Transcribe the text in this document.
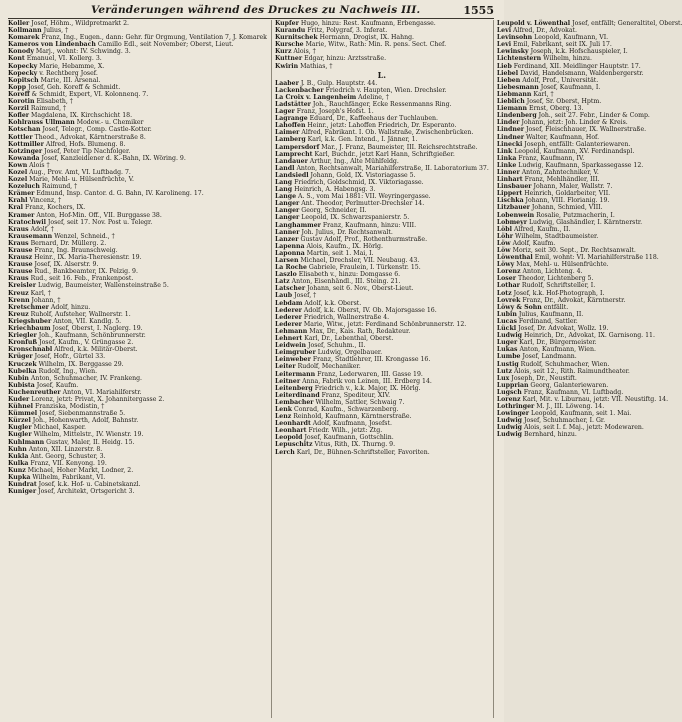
Veränderungen während des Druckes zu Nachweis III.	1555
Koller Josef, Höhm., Wildpretmarkt 2.
Kollmann Julius, †
Komarek Franz, Ing., Eugen., dann: Gehr. für Orgmung, Ventilation 7, J. Komarek
Kameros von Lindenbach Camillo Edl., seit November; Oberst, Lieut.
Konody Marj., wohnt: IV. Schwindg. 3.
Kont Emanuel, VI. Kollerg. 3.
Kopecky Marie, Hebamme, X.
Kopecky v. Rechtberg Josef.
Kopitsch Marie, III. Arsenal.
Kopp Josef, Geh. Koreff & Schmidt.
Koreff & Schmidt, Expert, VI. Kolonnenq. 7.
Korotin Elisabeth, †
Korzil Raimund, †
Kofler Magdalena, IX. Kirchschicht 18.
Kohlrauss Ullmann Modew.- u. Chemiker
Kotschan Josef, Telegr., Comp. Castle-Kotter.
Kottler Theod., Advokat, Kärntnerstraße 8.
Kottmiller Alfred, Hofs. Blumeng. 8.
Kotzinger Josef, Peter Tip Nachfolger.
Kowanda Josef, Kanzleidiener d. K.-Bahn, IX. Wöring. 9.
Kown Alois †
Kozel Aug., Prov. Amt, VI. Luftbadg. 7.
Kozel Marie, Mehl- u. Hülsenfrüchte, V.
Kozeluch Raimund, †
Krämer Edmund, Insp. Cantor. d. G. Bahn, IV. Karolineng. 17.
Krahl Vincenz, †
Kral Franz, Kochers, IX.
Kramer Anton, Hof-Min. Off., VII. Burggasse 38.
Kratochwil Josef, seit 17. Nov. Post u. Telegr.
Kraus Adolf, †
Krausemann Wenzel, Schneid., †
Kraus Bernard, Dr. Müllerg. 2.
Krause Franz, Ing. Braunschweig.
Krausz Heinr., IX. Maria-Theresienstr. 19.
Krause Josef, IX. Alserstr. 9.
Krause Rud., Bankbeamter, IX. Pelzig. 9.
Kraus Rud., seit 16. Feb., Frankenpost.
Kreisler Ludwig, Baumeister, Wallensteinstraße 5.
Kreuz Karl, †
Krenn Johann, †
Kretschmer Adolf, hinzu.
Kreuz Ruholf, Aufsteher, Wallnerstr. 1.
Kriegshuber Anton, VII. Kandlg. 5.
Kriechbaum Josef, Oberst, I. Naglerg. 19.
Kriegler Joh., Kaufmann, Schönbrunnerstr.
Kronfuß Josef, Kaufm., V. Grüngasse 2.
Kronschnabl Alfred, k.k. Militär-Oberst.
Krüger Josef, Hofr., Gürtel 33.
Kruczek Wilhelm, IX. Berggasse 29.
Kubelka Rudolf, Ing., Wien.
Kubin Anton, Schuhmacher, IV. Frankeng.
Kubista Josef, Kaufm.
Kuchenreuther Anton, VI. Mariahilferstr.
Kuder Lorenz, jetzt: Privat, X. Johannitergasse 2.
Kühnel Franziska, Modistin, †
Kümmel Josef, Siebenmannstraße 5.
Kürzel Joh., Hohenwarth, Adolf, Bahnstr.
Kugler Michael, Kasper.
Kugler Wilhelm, Mittelstr., IV. Wienstr. 19.
Kuhlmann Gustav, Maler, II. Heidg. 15.
Kuhn Anton, XII. Linzerstr. 8.
Kukla Ant. Georg, Schuster, 3.
Kulka Franz, VII. Kenyong. 19.
Kunz Michael, Hoher Markt, Lodner, 2.
Kupka Wilhelm, Fabrikant, VI.
Kundrat Josef, k.k. Hof- u. Cabinetskanzl.
Kuniger Josef, Architekt, Ortsgericht 3.
Kupfer Hugo, hinzu: Rest. Kaufmann, Erbengasse.
Kurandu Fritz, Polygraf, 3. Inferat.
Kurnitschek Hermann, Drogist, IX. Hahng.
Kursche Marie, Witw., Rath: Min. R. pens. Sect. Chef.
Kurz Alois, †
Kuttner Edgar, hinzu: Arztsstraße.
Kwirin Mathias, †
L.
Laaber J. B., Gulp. Hauptstr. 44.
Lackenbacher Friedrich v. Haupten, Wien. Drechsler.
La Croix v. Langenheim Adeline, †
Ladstätter Joh., Rauchfänger, Ecke Ressenmanns Ring.
Lager Franz, Joseph's Hofst. 1.
Lagrange Eduard, Dr., Kaffeehaus der Tuchlauben.
Lahoffen Heinr., jetzt: Lahoffen Friedrich, Dr. Esperanto.
Laimer Alfred, Fabrikant. I. Ob. Wallstraße, Zwischenbrücken.
Lamberg Karl, k.k. Gen. Intend., I. Jänner, 1.
Lampersdorf Mar., J. Franz, Baumeister, III. Reichsrechtstraße.
Lamprecht Karl, Buchdr., jetzt Karl Hann, Schriftgießer.
Landauer Arthur, Ing., Alte Mühlfeldg.
Landl Anton, Rechtsanwalt, Mariahilferstraße, II. Laboratorium 37.
Landsiedl Johann, Gold, IX. Vistoriagasse 5.
Lang Friedrich, Goldschmid, IX. Viktoriagasse.
Lang Heinrich, A. Habengsg. 3.
Lange A. S., vom Mai 1881: VII. Weyringergasse.
Langer Ant. Theodor, Perlmutter-Drechsler 14.
Langer Georg, Schneider, II.
Langer Leopold, IX. Schwarzspanierstr. 5.
Langhammer Franz, Kaufmann, hinzu: VIII.
Lanner Joh. Julius, Dr. Rechtsanwalt.
Lanzer Gustav Adolf, Prof., Rothenthurmstraße.
Lapenna Alois, Kaufm., IX. Hörlg.
Laponna Martin, seit 1. Mai, I.
Larsen Michael, Drechsler, VII. Neubaug. 43.
La Roche Gabriele, Fraulein, I. Türkenstr. 15.
Laszlo Elisabeth v., hinzu: Domgasse 6.
Latz Anton, Eisenhändl., III. Steing. 21.
Latscher Johann, seit 6. Nov., Oberst-Lieut.
Laub Josef, †
Lebdam Adolf, k.k. Oberst.
Lederer Adolf, k.k. Oberst, IV. Ob. Majorsgasse 16.
Lederer Friedrich, Wallnerstraße 4.
Lederer Marie, Witw., jetzt: Ferdinand Schönbrunnerstr. 12.
Lehmann Max, Dr., Kais. Rath, Redakteur.
Lehnert Karl, Dr., Lebenthal, Oberst.
Leidwein Josef, Schuhm., II.
Leimgruber Ludwig, Orgelbauer.
Leinweber Franz, Stadtlehrer, III. Krongasse 16.
Leiter Rudolf, Mechaniker.
Leitermann Franz, Lederwaren, III. Gasse 19.
Leitner Anna, Fabrik von Leinen, III. Erdberg 14.
Leitenberg Friedrich v., k.k. Major, IX. Hörlg.
Leiterdinand Franz, Spediteur, XIV.
Lembacher Wilhelm, Sattler, Schwaig 7.
Lenk Conrad, Kaufm., Schwarzenberg.
Lenz Reinhold, Kaufmann, Kärntnerstraße.
Leonhardt Adolf, Kaufmann, Josefst.
Leonhart Friedr. Wilh., jetzt: Ztg.
Leopold Josef, Kaufmann, Gottschlin.
Lepuschitz Vitus, Rith, IX. Thurng. 9.
Lerch Karl, Dr., Bühnen-Schriftsteller, Favoriten.
Leupold v. Löwenthal Josef, entfällt; Generaltitel, Oberst.
Levi Alfred, Dr., Advokat.
Levinsohn Leopold, Kaufmann, VI.
Levi Emil, Fabrikant, seit IX. Juli 17.
Lewinsky Joseph, k.k. Hofschauspieler, I.
Lichtenstern Wilhelm, hinzu.
Lieb Ferdinand, XII. Meidlinger Hauptstr. 17.
Liebel David, Handelsmann, Waldenbergerstr.
Lieben Adolf, Prof., Universität.
Liebesmann Josef, Kaufmann, I.
Liebmann Karl, †
Lieblich Josef, Sr. Oberst, Hptm.
Liemann Ernst, Oberg. 13.
Lindenberg Joh., seit 27. Febr., Linder & Comp.
Linder Johann, jetzt: Joh. Linder & Kreis.
Lindner Josef, Fleischhauer, IX. Wallnerstraße.
Lindner Walter, Kaufmann, Hof.
Linecki Joseph, entfällt: Galanteriewaren.
Link Leopold, Kaufmann, XV. Ferdinandspl.
Linka Franz, Kaufmann, IV.
Linke Ludwig, Kaufmann, Sparkassegasse 12.
Linner Anton, Zahntechniker, V.
Linhart Franz, Mehlhändler, III.
Linsbauer Johann, Maler, Wallstr. 7.
Lippert Heinrich, Goldarbeiter, VII.
Lischka Johann, VIII. Florianig. 19.
Litzbauer Johann, Schmied, VIII.
Lobenwein Rosalie, Putzmacherin, I.
Lobmeyr Ludwig, Glashändler, I. Kärntnerstr.
Löbl Alfred, Kaufm., II.
Löhr Wilhelm, Stadtbaumeister.
Löw Adolf, Kaufm.
Löw Moriz, seit 30. Sept., Dr. Rechtsanwalt.
Löwenthal Emil, wohnt: VI. Mariahilferstraße 118.
Löwy Max, Mehl- u. Hülsenfrüchte.
Lorenz Anton, Lichteng. 4.
Loser Theodor, Lichtenberg 5.
Lothar Rudolf, Schriftsteller, I.
Lotz Josef, k.k. Hof-Photograph, I.
Lovrek Franz, Dr., Advokat, Kärntnerstr.
Löwy & Sohn entfällt.
Lubin Julius, Kaufmann, II.
Lucas Ferdinand, Sattler.
Lückl Josef, Dr. Advokat, Wollz. 19.
Ludwig Heinrich, Dr., Advokat, IX. Garnisong. 11.
Luger Karl, Dr., Bürgermeister.
Lukas Anton, Kaufmann, Wien.
Lumbe Josef, Landmann.
Lustig Rudolf, Schuhmacher, Wien.
Lutz Alois, seit 12., Rith. Raimundtheater.
Lux Joseph, Dr., Neustift.
Lupprian Georg, Galanteriewaren.
Lugsch Franz, Kaufmann, VI. Luftbadg.
Lorenz Karl, Mit. v. Liburnau, jetzt: VII. Neustiftg. 14.
Lothringer M. J., III. Löweng. 14.
Lowinger Leopold, Kaufmann, seit 1. Mai.
Ludwig Josef, Schuhmacher, I. Gr.
Ludwig Alois, seit I. f. Maj., jetzt: Modewaren.
Ludwig Bernhard, hinzu.
